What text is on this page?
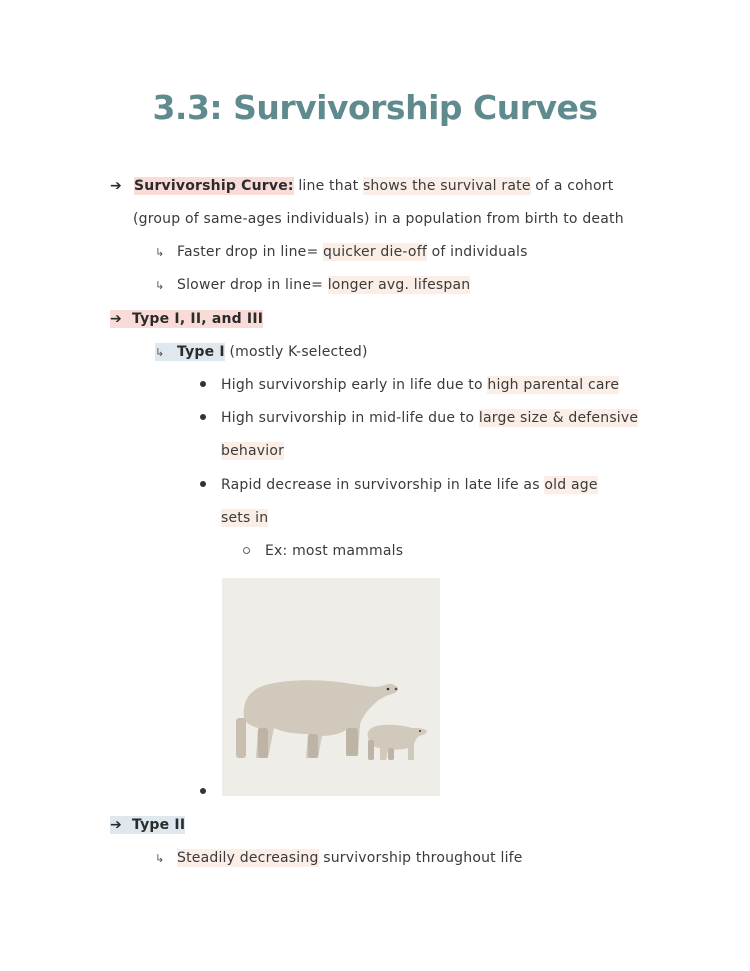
3.3: Survivorship Curves
➔ Survivorship Curve: line that shows the survival rate of a cohort
(group of same-ages individuals) in a population from birth to death
↳ Faster drop in line= quicker die-off of individuals
↳ Slower drop in line= longer avg. lifespan
➔ Type I, II, and III
↳ Type I (mostly K-selected)
High survivorship early in life due to high parental care
High survivorship in mid-life due to large size & defensive
behavior
Rapid decrease in survivorship in late life as old age
sets in
Ex: most mammals
➔ Type II
↳ Steadily decreasing survivorship throughout life
